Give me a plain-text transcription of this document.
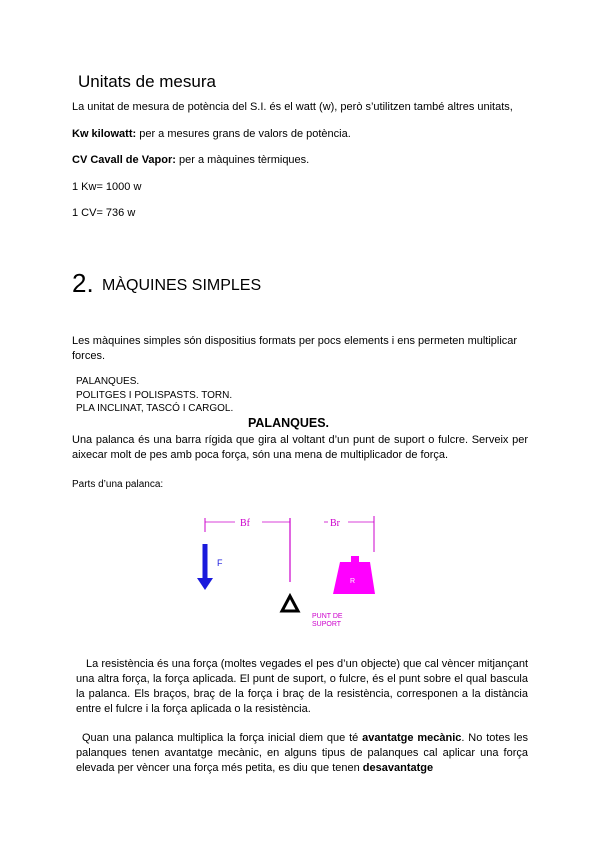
Unitats de mesura
La unitat de mesura de potència del S.I. és el watt (w), però s’utilitzen també altres unitats,
Kw kilowatt: per a mesures grans de valors de potència.
CV Cavall de Vapor: per a màquines tèrmiques.
1 Kw= 1000 w
1 CV= 736 w
2. MÀQUINES SIMPLES
Les màquines simples són dispositius formats per pocs elements i ens permeten multiplicar forces.
PALANQUES.
POLITGES I POLISPASTS. TORN.
PLA INCLINAT, TASCÓ I CARGOL.
PALANQUES.
Una palanca és una barra rígida que gira al voltant d’un punt de suport o fulcre. Serveix per aixecar molt de pes amb poca força, són una mena de multiplicador de força.
Parts d’una palanca:
Bf	Br
F
R
PUNT DE
SUPORT
La resistència és una força (moltes vegades el pes d’un objecte) que cal vèncer mitjançant una altra força, la força aplicada. El punt de suport, o fulcre, és el punt sobre el qual bascula la palanca. Els braços, braç de la força i braç de la resistència, corresponen a la distància entre el fulcre i la força aplicada o la resistència.
Quan una palanca multiplica la força inicial diem que té avantatge mecànic. No totes les palanques tenen avantatge mecànic, en alguns tipus de palanques cal aplicar una força elevada per vèncer una força més petita, es diu que tenen desavantatge
